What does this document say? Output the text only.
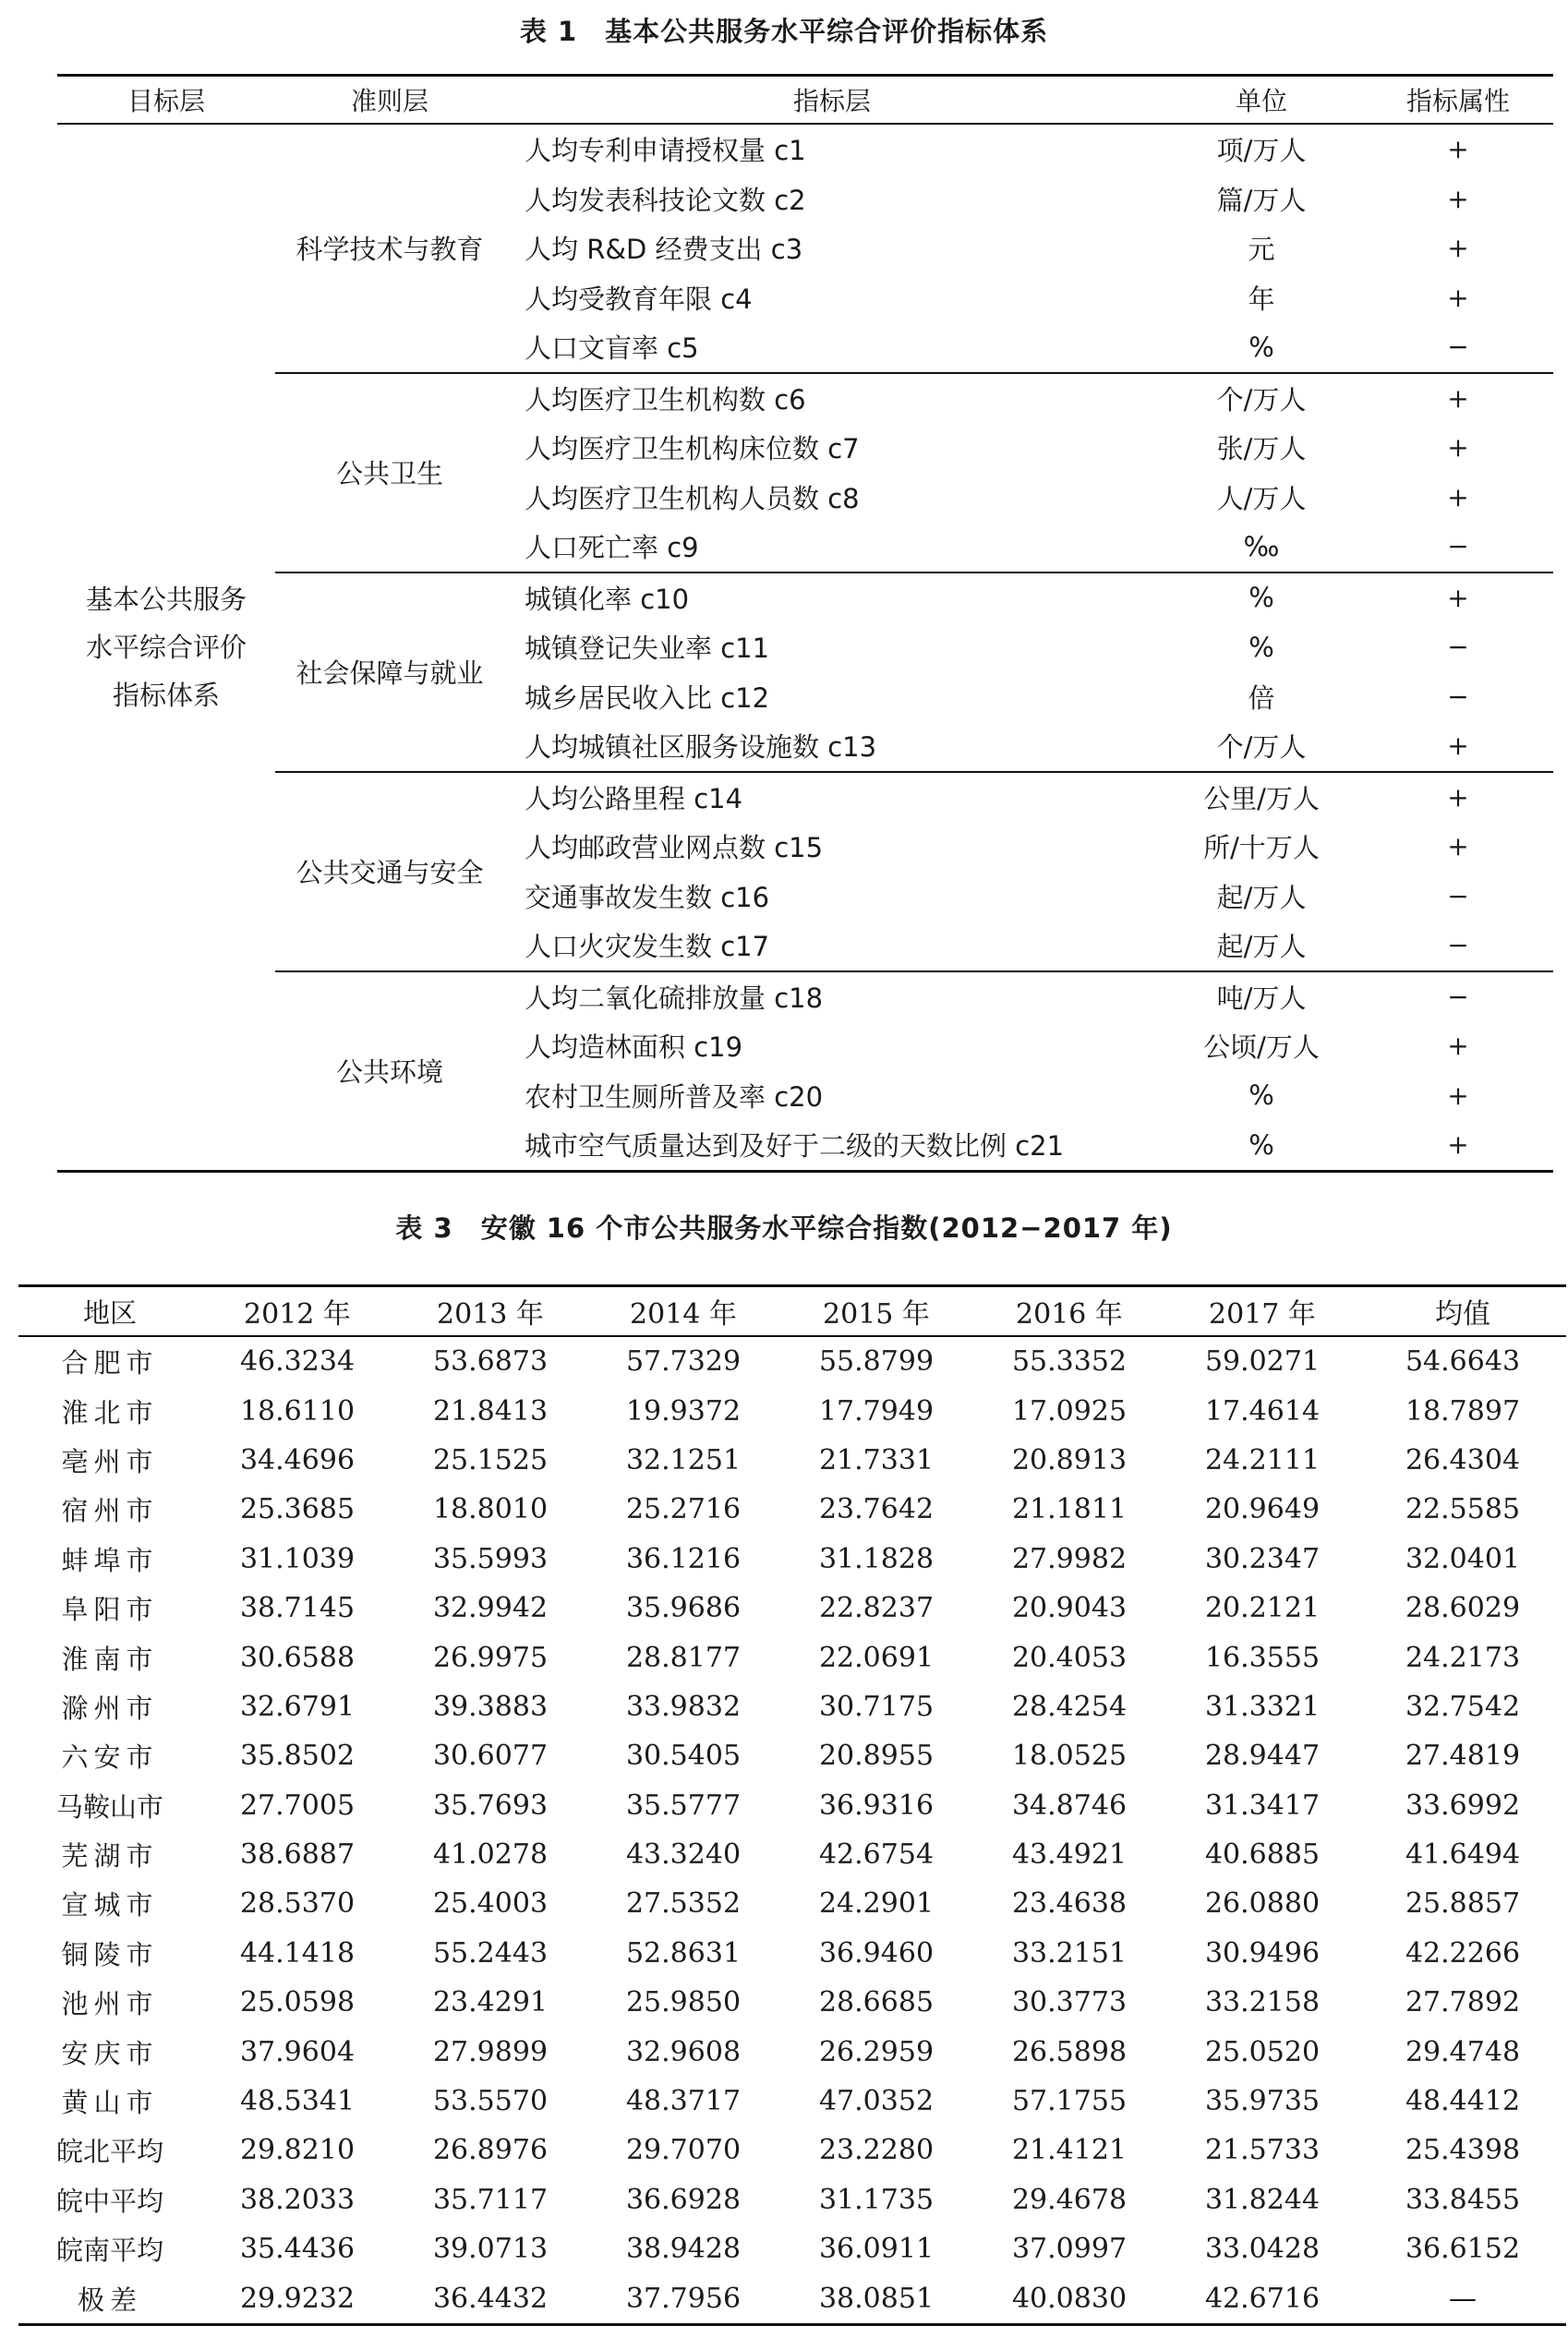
表 1　基本公共服务水平综合评价指标体系
目标层	准则层	指标层	单位	指标属性

基本公共服务
水平综合评价
指标体系	科学技术与教育	人均专利申请授权量 c1	项/万人	+
		人均发表科技论文数 c2	篇/万人	+
		人均 R&D 经费支出 c3	元	+
		人均受教育年限 c4	年	+
		人口文盲率 c5	%	−
	公共卫生	人均医疗卫生机构数 c6	个/万人	+
		人均医疗卫生机构床位数 c7	张/万人	+
		人均医疗卫生机构人员数 c8	人/万人	+
		人口死亡率 c9	‰	−
	社会保障与就业	城镇化率 c10	%	+
		城镇登记失业率 c11	%	−
		城乡居民收入比 c12	倍	−
		人均城镇社区服务设施数 c13	个/万人	+
	公共交通与安全	人均公路里程 c14	公里/万人	+
		人均邮政营业网点数 c15	所/十万人	+
		交通事故发生数 c16	起/万人	−
		人口火灾发生数 c17	起/万人	−
	公共环境	人均二氧化硫排放量 c18	吨/万人	−
		人均造林面积 c19	公顷/万人	+
		农村卫生厕所普及率 c20	%	+
		城市空气质量达到及好于二级的天数比例 c21	%	+
表 3　安徽 16 个市公共服务水平综合指数(2012−2017 年)
地区	2012 年	2013 年	2014 年	2015 年	2016 年	2017 年	均值
合肥市	46.3234	53.6873	57.7329	55.8799	55.3352	59.0271	54.6643
淮北市	18.6110	21.8413	19.9372	17.7949	17.0925	17.4614	18.7897
亳州市	34.4696	25.1525	32.1251	21.7331	20.8913	24.2111	26.4304
宿州市	25.3685	18.8010	25.2716	23.7642	21.1811	20.9649	22.5585
蚌埠市	31.1039	35.5993	36.1216	31.1828	27.9982	30.2347	32.0401
阜阳市	38.7145	32.9942	35.9686	22.8237	20.9043	20.2121	28.6029
淮南市	30.6588	26.9975	28.8177	22.0691	20.4053	16.3555	24.2173
滁州市	32.6791	39.3883	33.9832	30.7175	28.4254	31.3321	32.7542
六安市	35.8502	30.6077	30.5405	20.8955	18.0525	28.9447	27.4819
马鞍山市	27.7005	35.7693	35.5777	36.9316	34.8746	31.3417	33.6992
芜湖市	38.6887	41.0278	43.3240	42.6754	43.4921	40.6885	41.6494
宣城市	28.5370	25.4003	27.5352	24.2901	23.4638	26.0880	25.8857
铜陵市	44.1418	55.2443	52.8631	36.9460	33.2151	30.9496	42.2266
池州市	25.0598	23.4291	25.9850	28.6685	30.3773	33.2158	27.7892
安庆市	37.9604	27.9899	32.9608	26.2959	26.5898	25.0520	29.4748
黄山市	48.5341	53.5570	48.3717	47.0352	57.1755	35.9735	48.4412
皖北平均	29.8210	26.8976	29.7070	23.2280	21.4121	21.5733	25.4398
皖中平均	38.2033	35.7117	36.6928	31.1735	29.4678	31.8244	33.8455
皖南平均	35.4436	39.0713	38.9428	36.0911	37.0997	33.0428	36.6152
极差	29.9232	36.4432	37.7956	38.0851	40.0830	42.6716	—
